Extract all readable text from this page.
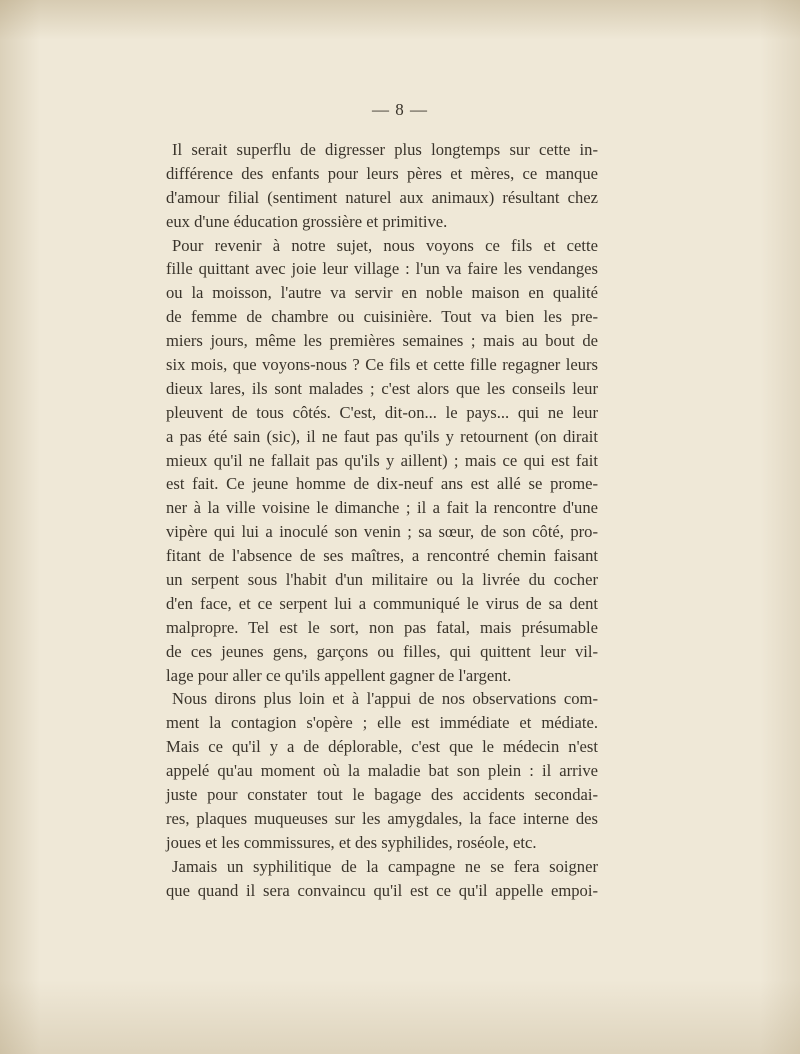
— 8 —
Il serait superflu de digresser plus longtemps sur cette in-
différence des enfants pour leurs pères et mères, ce manque
d'amour filial (sentiment naturel aux animaux) résultant chez
eux d'une éducation grossière et primitive.
Pour revenir à notre sujet, nous voyons ce fils et cette
fille quittant avec joie leur village : l'un va faire les vendanges
ou la moisson, l'autre va servir en noble maison en qualité
de femme de chambre ou cuisinière. Tout va bien les pre-
miers jours, même les premières semaines ; mais au bout de
six mois, que voyons-nous ? Ce fils et cette fille regagner leurs
dieux lares, ils sont malades ; c'est alors que les conseils leur
pleuvent de tous côtés. C'est, dit-on... le pays... qui ne leur
a pas été sain (sic), il ne faut pas qu'ils y retournent (on dirait
mieux qu'il ne fallait pas qu'ils y aillent) ; mais ce qui est fait
est fait. Ce jeune homme de dix-neuf ans est allé se prome-
ner à la ville voisine le dimanche ; il a fait la rencontre d'une
vipère qui lui a inoculé son venin ; sa sœur, de son côté, pro-
fitant de l'absence de ses maîtres, a rencontré chemin faisant
un serpent sous l'habit d'un militaire ou la livrée du cocher
d'en face, et ce serpent lui a communiqué le virus de sa dent
malpropre. Tel est le sort, non pas fatal, mais présumable
de ces jeunes gens, garçons ou filles, qui quittent leur vil-
lage pour aller ce qu'ils appellent gagner de l'argent.
Nous dirons plus loin et à l'appui de nos observations com-
ment la contagion s'opère ; elle est immédiate et médiate.
Mais ce qu'il y a de déplorable, c'est que le médecin n'est
appelé qu'au moment où la maladie bat son plein : il arrive
juste pour constater tout le bagage des accidents secondai-
res, plaques muqueuses sur les amygdales, la face interne des
joues et les commissures, et des syphilides, roséole, etc.
Jamais un syphilitique de la campagne ne se fera soigner
que quand il sera convaincu qu'il est ce qu'il appelle empoi-
